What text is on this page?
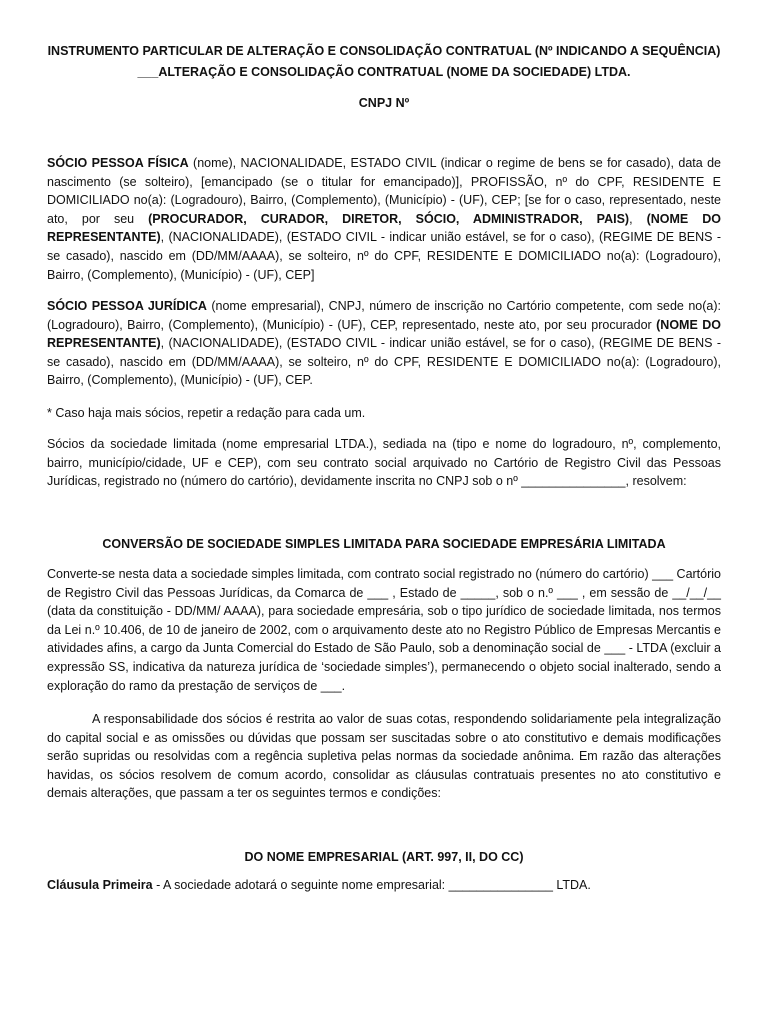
INSTRUMENTO PARTICULAR DE ALTERAÇÃO E CONSOLIDAÇÃO CONTRATUAL (Nº INDICANDO A SEQUÊNCIA)
___ALTERAÇÃO E CONSOLIDAÇÃO CONTRATUAL (NOME DA SOCIEDADE) LTDA.
CNPJ Nº
SÓCIO PESSOA FÍSICA (nome), NACIONALIDADE, ESTADO CIVIL (indicar o regime de bens se for casado), data de nascimento (se solteiro), [emancipado (se o titular for emancipado)], PROFISSÃO, nº do CPF, RESIDENTE E DOMICILIADO no(a): (Logradouro), Bairro, (Complemento), (Município) - (UF), CEP; [se for o caso, representado, neste ato, por seu (PROCURADOR, CURADOR, DIRETOR, SÓCIO, ADMINISTRADOR, PAIS), (NOME DO REPRESENTANTE), (NACIONALIDADE), (ESTADO CIVIL - indicar união estável, se for o caso), (REGIME DE BENS - se casado), nascido em (DD/MM/AAAA), se solteiro, nº do CPF, RESIDENTE E DOMICILIADO no(a): (Logradouro), Bairro, (Complemento), (Município) - (UF), CEP]
SÓCIO PESSOA JURÍDICA (nome empresarial), CNPJ, número de inscrição no Cartório competente, com sede no(a): (Logradouro), Bairro, (Complemento), (Município) - (UF), CEP, representado, neste ato, por seu procurador (NOME DO REPRESENTANTE), (NACIONALIDADE), (ESTADO CIVIL - indicar união estável, se for o caso), (REGIME DE BENS - se casado), nascido em (DD/MM/AAAA), se solteiro, nº do CPF, RESIDENTE E DOMICILIADO no(a): (Logradouro), Bairro, (Complemento), (Município) - (UF), CEP.
* Caso haja mais sócios, repetir a redação para cada um.
Sócios da sociedade limitada (nome empresarial LTDA.), sediada na (tipo e nome do logradouro, nº, complemento, bairro, município/cidade, UF e CEP), com seu contrato social arquivado no Cartório de Registro Civil das Pessoas Jurídicas, registrado no (número do cartório), devidamente inscrita no CNPJ sob o nº _______________, resolvem:
CONVERSÃO DE SOCIEDADE SIMPLES LIMITADA PARA SOCIEDADE EMPRESÁRIA LIMITADA
Converte-se nesta data a sociedade simples limitada, com contrato social registrado no (número do cartório) ___ Cartório de Registro Civil das Pessoas Jurídicas, da Comarca de ___ , Estado de _____, sob o n.º ___ , em sessão de __/__/__ (data da constituição - DD/MM/ AAAA), para sociedade empresária, sob o tipo jurídico de sociedade limitada, nos termos da Lei n.º 10.406, de 10 de janeiro de 2002, com o arquivamento deste ato no Registro Público de Empresas Mercantis e atividades afins, a cargo da Junta Comercial do Estado de São Paulo, sob a denominação social de ___ - LTDA (excluir a expressão SS, indicativa da natureza jurídica de ‘sociedade simples’), permanecendo o objeto social inalterado, sendo a exploração do ramo da prestação de serviços de ___.
A responsabilidade dos sócios é restrita ao valor de suas cotas, respondendo solidariamente pela integralização do capital social e as omissões ou dúvidas que possam ser suscitadas sobre o ato constitutivo e demais modificações serão supridas ou resolvidas com a regência supletiva pelas normas da sociedade anônima. Em razão das alterações havidas, os sócios resolvem de comum acordo, consolidar as cláusulas contratuais presentes no ato constitutivo e demais alterações, que passam a ter os seguintes termos e condições:
DO NOME EMPRESARIAL (ART. 997, II, DO CC)
Cláusula Primeira - A sociedade adotará o seguinte nome empresarial: _______________ LTDA.
